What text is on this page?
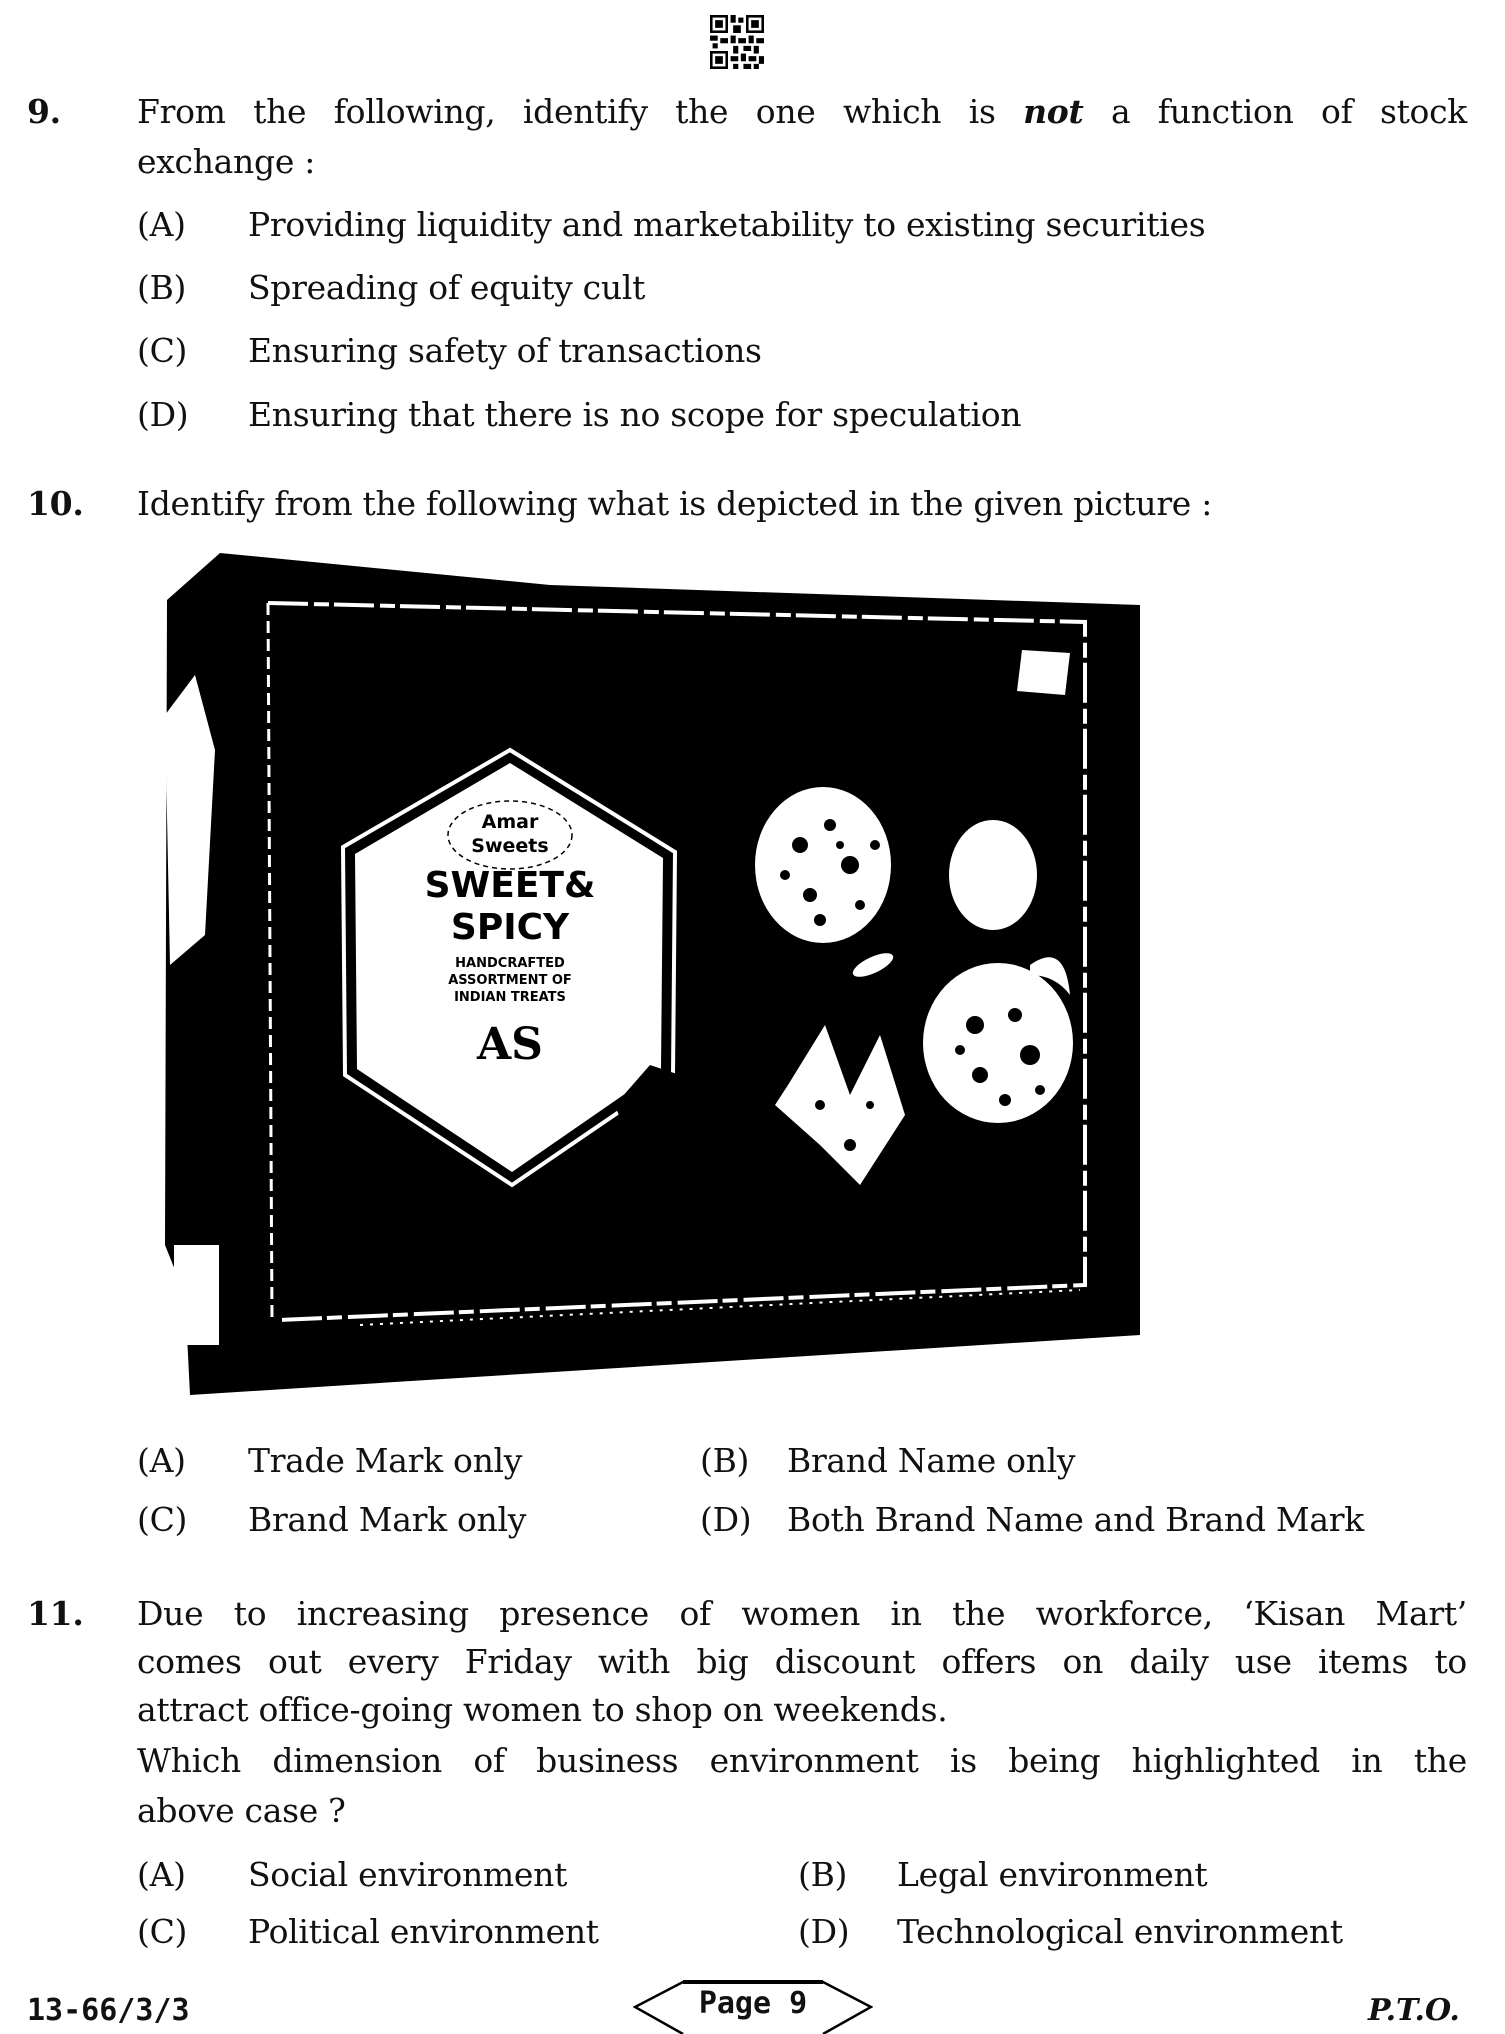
9. From the following, identify the one which is not a function of stock
exchange :
(A) Providing liquidity and marketability to existing securities
(B) Spreading of equity cult
(C) Ensuring safety of transactions
(D) Ensuring that there is no scope for speculation
10. Identify from the following what is depicted in the given picture :
Amar
Sweets
SWEET&
SPICY
HANDCRAFTED
ASSORTMENT OF
INDIAN TREATS
AS
(A) Trade Mark only	(B) Brand Name only
(C) Brand Mark only	(D) Both Brand Name and Brand Mark
11. Due to increasing presence of women in the workforce, ‘Kisan Mart’
comes out every Friday with big discount offers on daily use items to
attract office-going women to shop on weekends.
Which dimension of business environment is being highlighted in the
above case ?
(A) Social environment	(B) Legal environment
(C) Political environment	(D) Technological environment
13-66/3/3	Page 9	P.T.O.
